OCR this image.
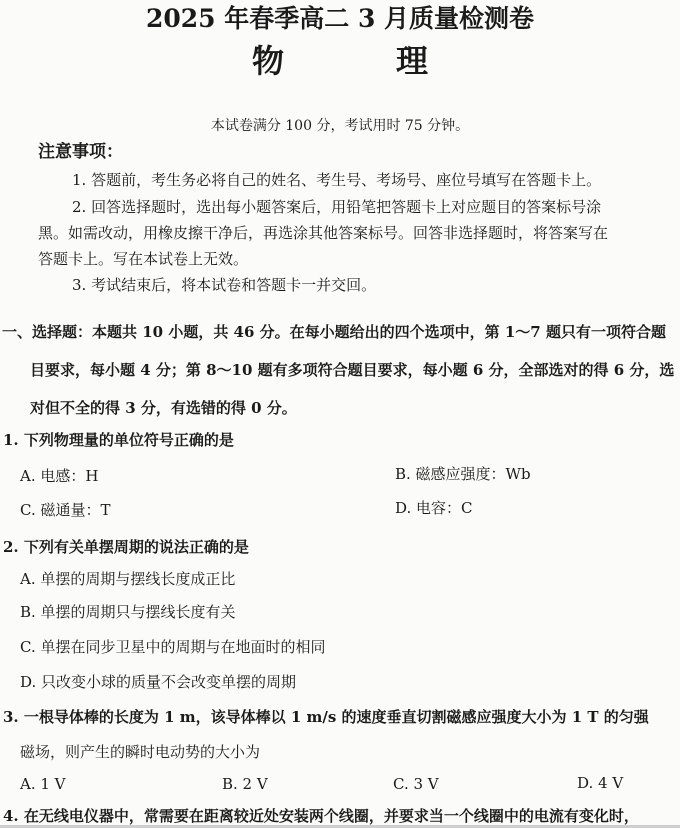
2025 年春季高二 3 月质量检测卷
物　理
本试卷满分 100 分，考试用时 75 分钟。
注意事项：
1. 答题前，考生务必将自己的姓名、考生号、考场号、座位号填写在答题卡上。
2. 回答选择题时，选出每小题答案后，用铅笔把答题卡上对应题目的答案标号涂
黑。如需改动，用橡皮擦干净后，再选涂其他答案标号。回答非选择题时，将答案写在
答题卡上。写在本试卷上无效。
3. 考试结束后，将本试卷和答题卡一并交回。
一、选择题：本题共 10 小题，共 46 分。在每小题给出的四个选项中，第 1～7 题只有一项符合题
目要求，每小题 4 分；第 8～10 题有多项符合题目要求，每小题 6 分，全部选对的得 6 分，选
对但不全的得 3 分，有选错的得 0 分。
1. 下列物理量的单位符号正确的是
A. 电感：H	B. 磁感应强度：Wb
C. 磁通量：T	D. 电容：C
2. 下列有关单摆周期的说法正确的是
A. 单摆的周期与摆线长度成正比
B. 单摆的周期只与摆线长度有关
C. 单摆在同步卫星中的周期与在地面时的相同
D. 只改变小球的质量不会改变单摆的周期
3. 一根导体棒的长度为 1 m，该导体棒以 1 m/s 的速度垂直切割磁感应强度大小为 1 T 的匀强
磁场，则产生的瞬时电动势的大小为
A. 1 V	B. 2 V	C. 3 V	D. 4 V
4. 在无线电仪器中，常需要在距离较近处安装两个线圈，并要求当一个线圈中的电流有变化时，
